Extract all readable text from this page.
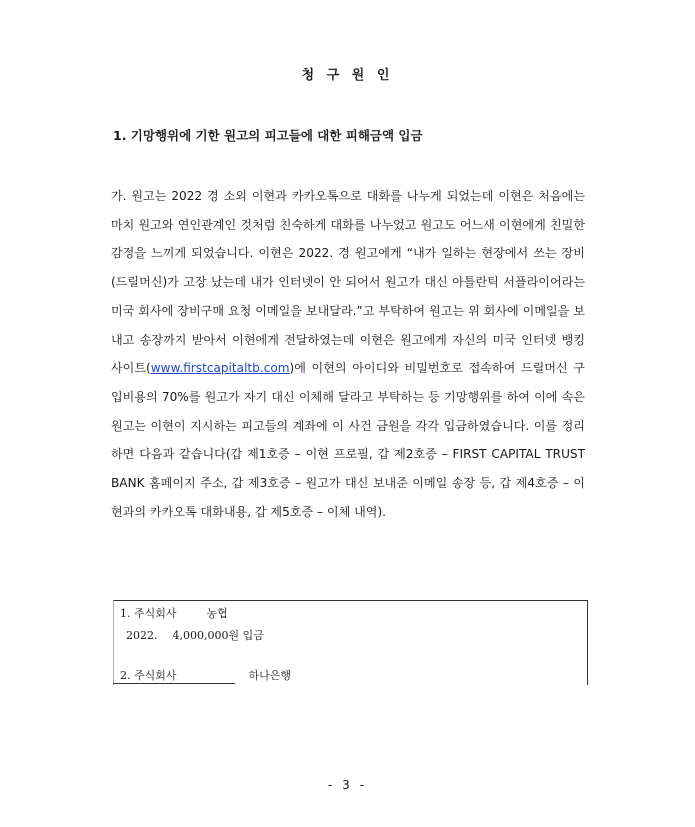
청 구 원 인
1. 기망행위에 기한 원고의 피고들에 대한 피해금액 입금

가. 원고는 2022 경 소외 이현과 카카오톡으로 대화를 나누게 되었는데 이현은 처음에는 마치 원고와 연인관계인 것처럼 친숙하게 대화를 나누었고 원고도 어느새 이현에게 친밀한 감정을 느끼게 되었습니다. 이현은 2022. 경 원고에게 “내가 일하는 현장에서 쓰는 장비(드릴머신)가 고장 났는데 내가 인터넷이 안 되어서 원고가 대신 아틀란틱 서플라이어라는 미국 회사에 장비구매 요청 이메일을 보내달라.”고 부탁하여 원고는 위 회사에 이메일을 보내고 송장까지 받아서 이현에게 전달하였는데 이현은 원고에게 자신의 미국 인터넷 뱅킹 사이트(www.firstcapitaltb.com)에 이현의 아이디와 비밀번호로 접속하여 드릴머신 구입비용의 70%를 원고가 자기 대신 이체해 달라고 부탁하는 등 기망행위를 하여 이에 속은 원고는 이현이 지시하는 피고들의 계좌에 이 사건 금원을 각각 입금하였습니다. 이를 정리하면 다음과 같습니다(갑 제1호증 – 이현 프로필, 갑 제2호증 – FIRST CAPITAL TRUST BANK 홈페이지 주소, 갑 제3호증 – 원고가 대신 보내준 이메일 송장 등, 갑 제4호증 – 이현과의 카카오톡 대화내용, 갑 제5호증 – 이체 내역).

1. 주식회사	농협
2022. 4,000,000원 입금
2. 주식회사	하나은행
- 3 -
